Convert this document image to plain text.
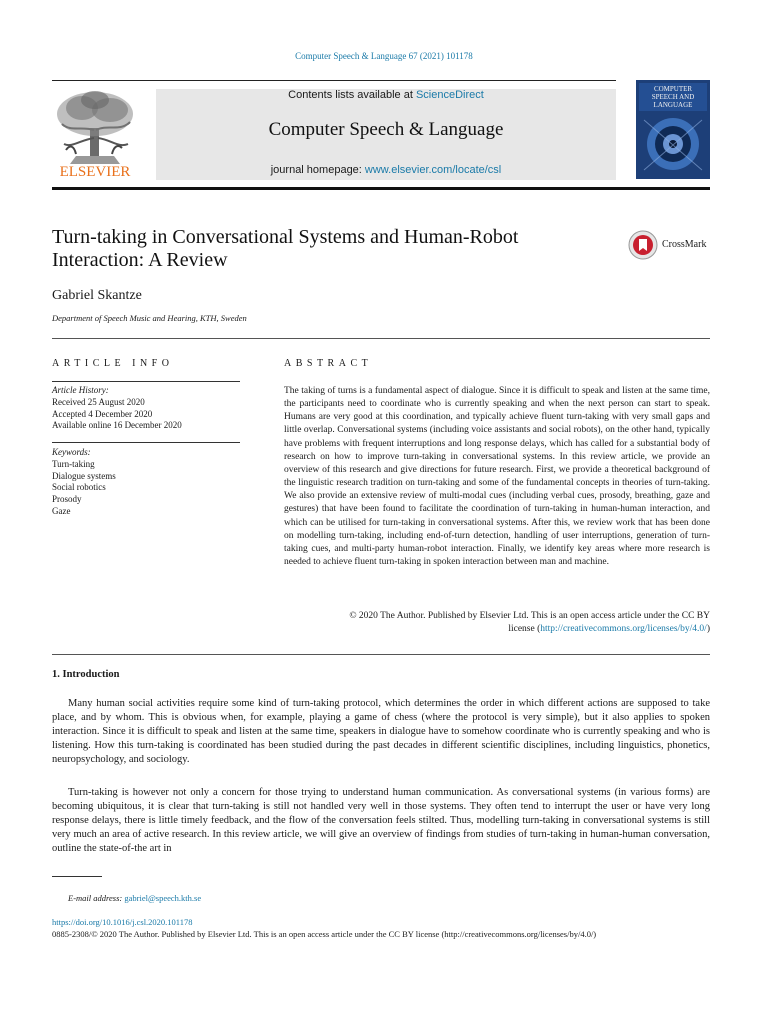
Computer Speech & Language 67 (2021) 101178
ELSEVIER
Contents lists available at ScienceDirect
Computer Speech & Language
journal homepage: www.elsevier.com/locate/csl
COMPUTER SPEECH AND LANGUAGE
Turn-taking in Conversational Systems and Human-Robot
Interaction: A Review
CrossMark
Gabriel Skantze
Department of Speech Music and Hearing, KTH, Sweden
ARTICLE INFO	ABSTRACT
Article History:
Received 25 August 2020
Accepted 4 December 2020
Available online 16 December 2020
Keywords:
Turn-taking
Dialogue systems
Social robotics
Prosody
Gaze
The taking of turns is a fundamental aspect of dialogue. Since it is difficult to speak and listen at the same time, the participants need to coordinate who is currently speaking and when the next person can start to speak. Humans are very good at this coordination, and typically achieve fluent turn-taking with very small gaps and little overlap. Conversational systems (including voice assistants and social robots), on the other hand, typically have problems with frequent interruptions and long response delays, which has called for a substantial body of research on how to improve turn-taking in conversational systems. In this review article, we provide an overview of this research and give directions for future research. First, we provide a theoretical background of the linguistic research tradition on turn-taking and some of the fundamental concepts in theories of turn-taking. We also provide an extensive review of multi-modal cues (including verbal cues, prosody, breathing, gaze and gestures) that have been found to facilitate the coordination of turn-taking in human-human interaction, and which can be utilised for turn-taking in conversational systems. After this, we review work that has been done on modelling turn-taking, including end-of-turn detection, handling of user interruptions, generation of turn-taking cues, and multi-party human-robot interaction. Finally, we identify key areas where more research is needed to achieve fluent turn-taking in spoken interaction between man and machine.
© 2020 The Author. Published by Elsevier Ltd. This is an open access article under the CC BY
license (http://creativecommons.org/licenses/by/4.0/)
1. Introduction
Many human social activities require some kind of turn-taking protocol, which determines the order in which different actions are supposed to take place, and by whom. This is obvious when, for example, playing a game of chess (where the protocol is very simple), but it also applies to spoken interaction. Since it is difficult to speak and listen at the same time, speakers in dialogue have to somehow coordinate who is currently speaking and who is listening. How this turn-taking is coordinated has been studied during the past decades in different scientific disciplines, including linguistics, phonetics, neuropsychology, and sociology.
Turn-taking is however not only a concern for those trying to understand human communication. As conversational systems (in various forms) are becoming ubiquitous, it is clear that turn-taking is still not handled very well in those systems. They often tend to interrupt the user or have very long response delays, there is little timely feedback, and the flow of the conversation feels stilted. Thus, modelling turn-taking in conversational systems is still very much an area of active research. In this review article, we will give an overview of findings from studies of turn-taking in human-human conversation, outline the state-of-the art in
E-mail address: gabriel@speech.kth.se
https://doi.org/10.1016/j.csl.2020.101178
0885-2308/© 2020 The Author. Published by Elsevier Ltd. This is an open access article under the CC BY license (http://creativecommons.org/licenses/by/4.0/)
